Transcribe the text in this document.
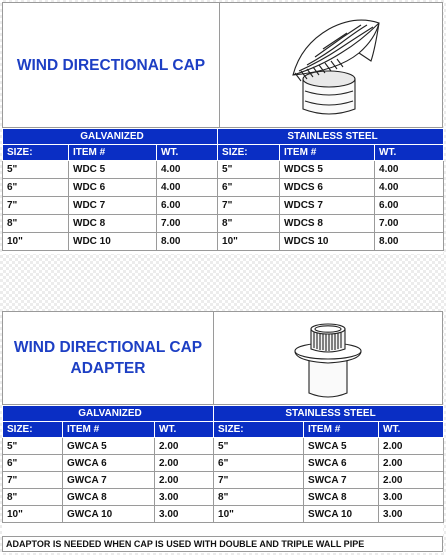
WIND DIRECTIONAL CAP
GALVANIZED			STAINLESS STEEL		
SIZE:	ITEM #	WT.	SIZE:	ITEM #	WT.
5"	WDC 5	4.00	5"	WDCS 5	4.00
6"	WDC 6	4.00	6"	WDCS 6	4.00
7"	WDC 7	6.00	7"	WDCS 7	6.00
8"	WDC 8	7.00	8"	WDCS 8	7.00
10"	WDC 10	8.00	10"	WDCS 10	8.00
WIND DIRECTIONAL CAP
ADAPTER
GALVANIZED			STAINLESS STEEL		
SIZE:	ITEM #	WT.	SIZE:	ITEM #	WT.
5"	GWCA 5	2.00	5"	SWCA 5	2.00
6"	GWCA 6	2.00	6"	SWCA 6	2.00
7"	GWCA 7	2.00	7"	SWCA 7	2.00
8"	GWCA 8	3.00	8"	SWCA 8	3.00
10"	GWCA 10	3.00	10"	SWCA 10	3.00
ADAPTOR IS NEEDED WHEN CAP IS USED WITH DOUBLE AND TRIPLE WALL PIPE
